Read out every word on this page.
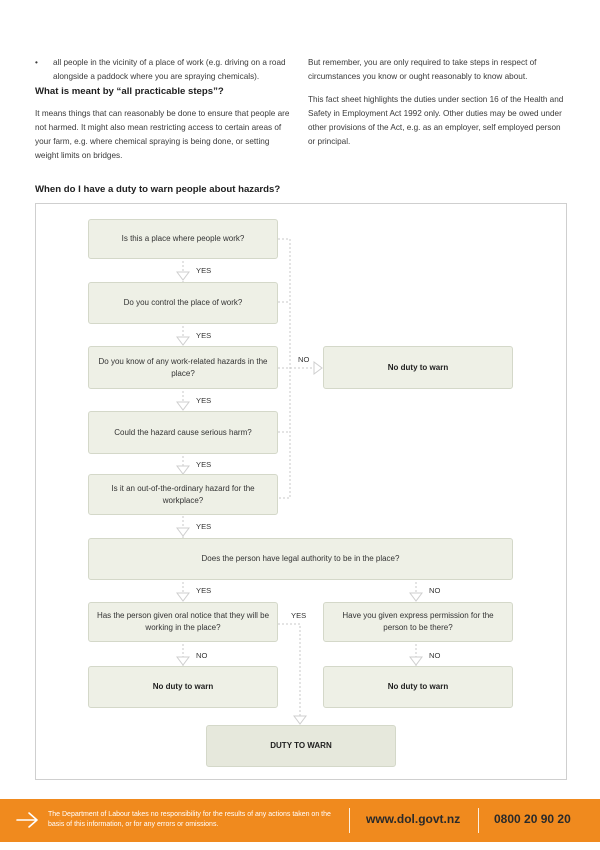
• all people in the vicinity of a place of work (e.g. driving on a road alongside a paddock where you are spraying chemicals).
What is meant by “all practicable steps”?

It means things that can reasonably be done to ensure that people are not harmed. It might also mean restricting access to certain areas of your farm, e.g. where chemical spraying is being done, or setting weight limits on bridges.

But remember, you are only required to take steps in respect of circumstances you know or ought reasonably to know about.

This fact sheet highlights the duties under section 16 of the Health and Safety in Employment Act 1992 only. Other duties may be owed under other provisions of the Act, e.g. as an employer, self employed person or principal.

When do I have a duty to warn people about hazards?
Is this a place where people work?
YES
Do you control the place of work?
YES
Do you know of any work-related hazards in the place?
NO
No duty to warn
YES
Could the hazard cause serious harm?
YES
Is it an out-of-the-ordinary hazard for the workplace?
YES
Does the person have legal authority to be in the place?
YES	NO
Has the person given oral notice that they will be working in the place?
YES	Have you given express permission for the person to be there?
NO	NO
No duty to warn	No duty to warn
DUTY TO WARN
The Department of Labour takes no responsibility for the results of any actions taken on the basis of this information, or for any errors or omissions.	www.dol.govt.nz	0800 20 90 20
